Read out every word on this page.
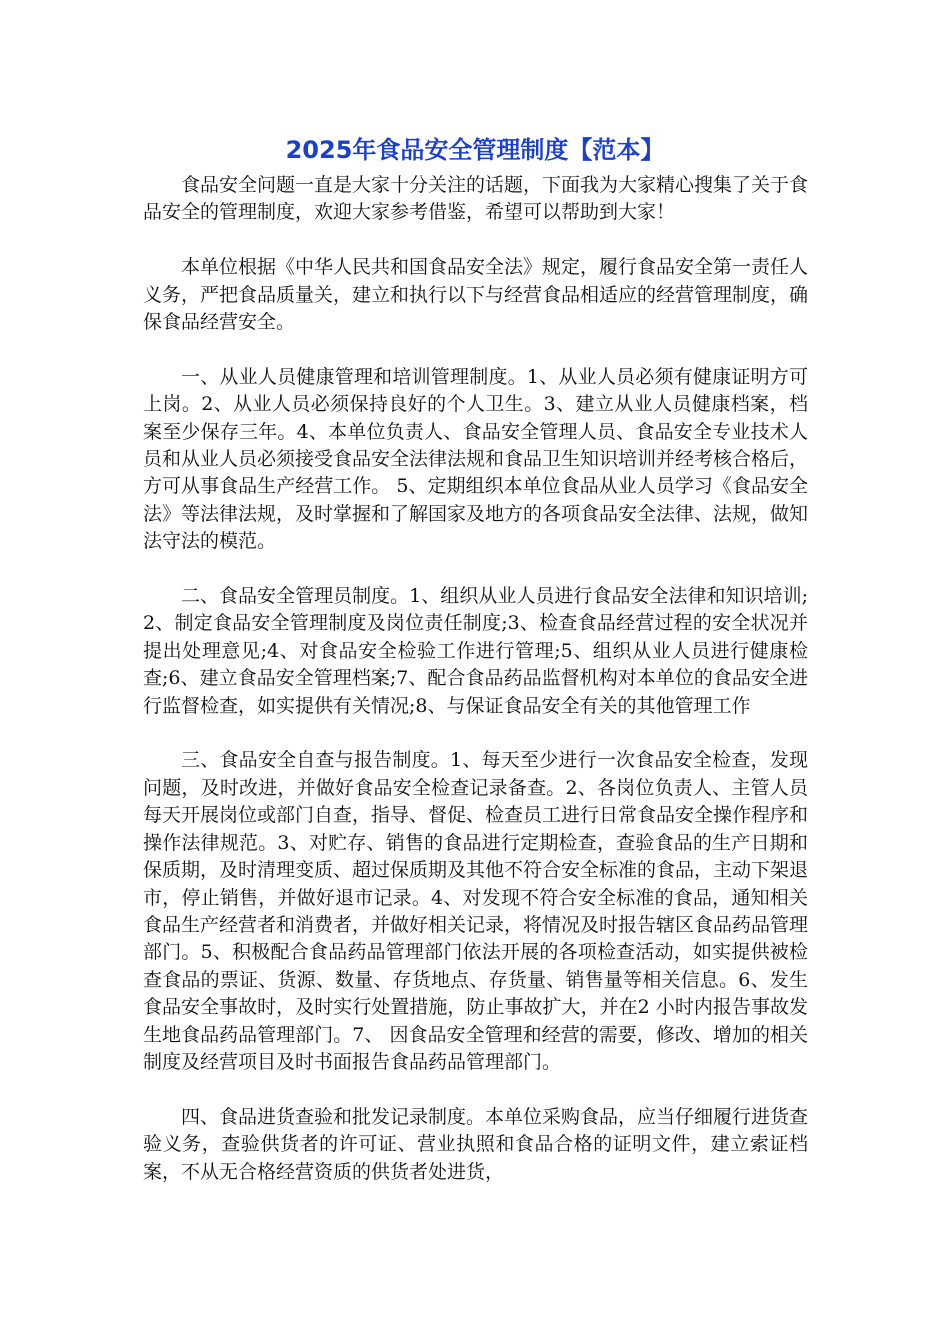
2025年食品安全管理制度【范本】

食品安全问题一直是大家十分关注的话题，下面我为大家精心搜集了关于食品安全的管理制度，欢迎大家参考借鉴，希望可以帮助到大家！

本单位根据《中华人民共和国食品安全法》规定，履行食品安全第一责任人义务，严把食品质量关，建立和执行以下与经营食品相适应的经营管理制度，确保食品经营安全。

一、从业人员健康管理和培训管理制度。1、从业人员必须有健康证明方可上岗。2、从业人员必须保持良好的个人卫生。3、建立从业人员健康档案，档案至少保存三年。4、本单位负责人、食品安全管理人员、食品安全专业技术人员和从业人员必须接受食品安全法律法规和食品卫生知识培训并经考核合格后，方可从事食品生产经营工作。 5、定期组织本单位食品从业人员学习《食品安全法》等法律法规，及时掌握和了解国家及地方的各项食品安全法律、法规，做知法守法的模范。

二、食品安全管理员制度。1、组织从业人员进行食品安全法律和知识培训;2、制定食品安全管理制度及岗位责任制度;3、检查食品经营过程的安全状况并提出处理意见;4、对食品安全检验工作进行管理;5、组织从业人员进行健康检查;6、建立食品安全管理档案;7、配合食品药品监督机构对本单位的食品安全进行监督检查，如实提供有关情况;8、与保证食品安全有关的其他管理工作

三、食品安全自查与报告制度。1、每天至少进行一次食品安全检查，发现问题，及时改进，并做好食品安全检查记录备查。2、各岗位负责人、主管人员每天开展岗位或部门自查，指导、督促、检查员工进行日常食品安全操作程序和操作法律规范。3、对贮存、销售的食品进行定期检查，查验食品的生产日期和保质期，及时清理变质、超过保质期及其他不符合安全标准的食品，主动下架退市，停止销售，并做好退市记录。4、对发现不符合安全标准的食品，通知相关食品生产经营者和消费者，并做好相关记录，将情况及时报告辖区食品药品管理部门。5、积极配合食品药品管理部门依法开展的各项检查活动，如实提供被检查食品的票证、货源、数量、存货地点、存货量、销售量等相关信息。6、发生食品安全事故时，及时实行处置措施，防止事故扩大，并在2 小时内报告事故发生地食品药品管理部门。7、 因食品安全管理和经营的需要，修改、增加的相关制度及经营项目及时书面报告食品药品管理部门。

四、食品进货查验和批发记录制度。本单位采购食品，应当仔细履行进货查验义务，查验供货者的许可证、营业执照和食品合格的证明文件，建立索证档案，不从无合格经营资质的供货者处进货，
